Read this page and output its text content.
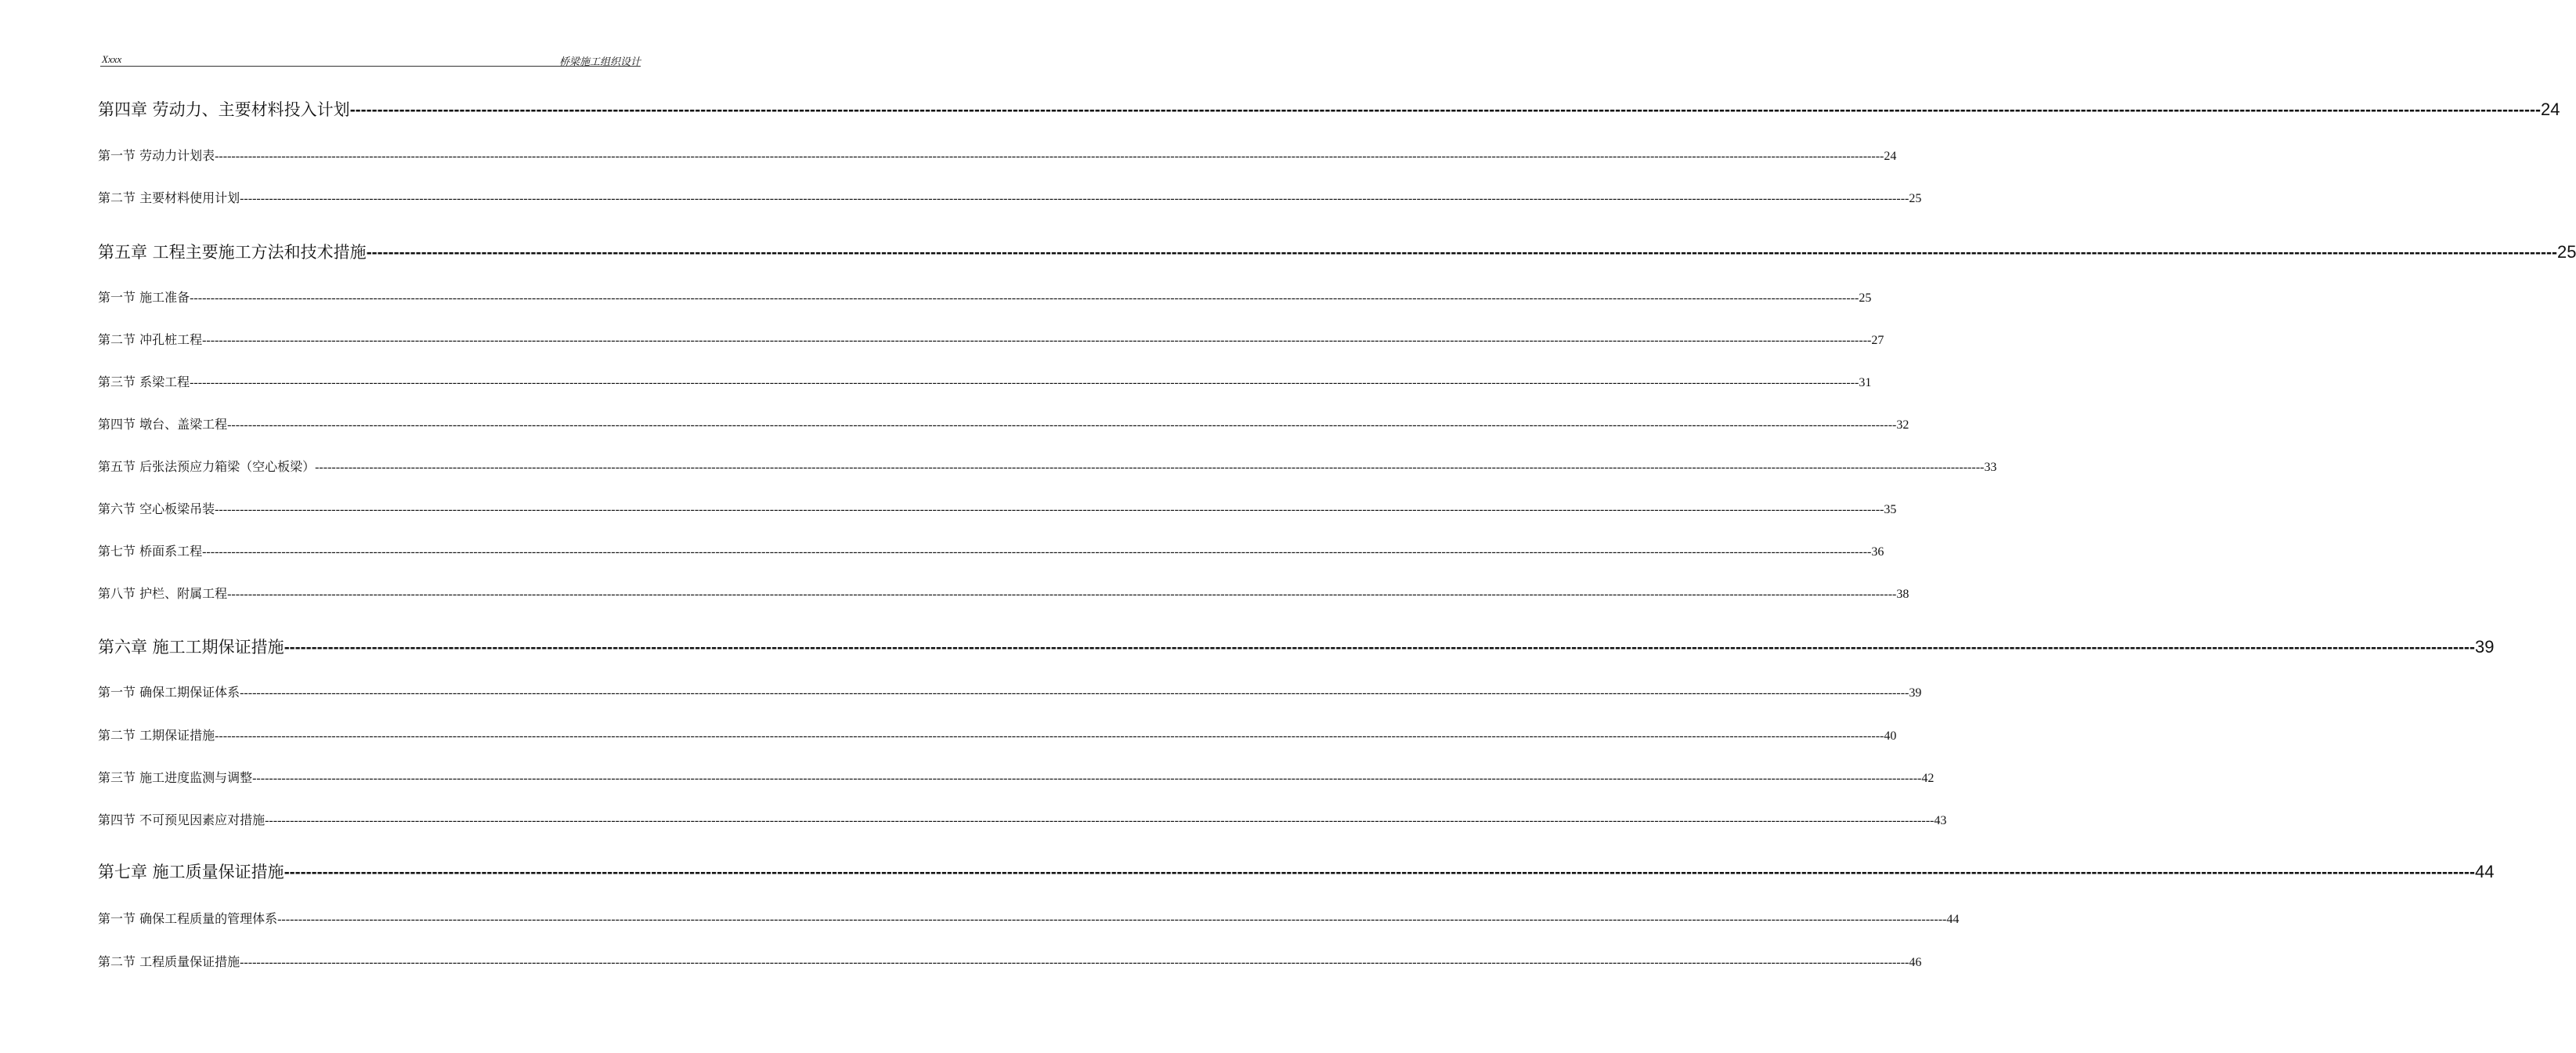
Xxxx	桥梁施工组织设计
第四章 劳动力、主要材料投入计划 ---------------------------------------------------------------------------------------------------------------------------------------------------------------------------------------------------------------------------------------------------------------------------------------------------------------------------------------------------------------------------------------------------------------- 24
第一节 劳动力计划表 ---------------------------------------------------------------------------------------------------------------------------------------------------------------------------------------------------------------------------------------------------------------------------------------------------------------------------------------------------------------------------------------------------------------- 24
第二节 主要材料使用计划 ---------------------------------------------------------------------------------------------------------------------------------------------------------------------------------------------------------------------------------------------------------------------------------------------------------------------------------------------------------------------------------------------------------------- 25
第五章 工程主要施工方法和技术措施 ---------------------------------------------------------------------------------------------------------------------------------------------------------------------------------------------------------------------------------------------------------------------------------------------------------------------------------------------------------------------------------------------------------------- 25
第一节 施工准备 ---------------------------------------------------------------------------------------------------------------------------------------------------------------------------------------------------------------------------------------------------------------------------------------------------------------------------------------------------------------------------------------------------------------- 25
第二节 冲孔桩工程 ---------------------------------------------------------------------------------------------------------------------------------------------------------------------------------------------------------------------------------------------------------------------------------------------------------------------------------------------------------------------------------------------------------------- 27
第三节 系梁工程 ---------------------------------------------------------------------------------------------------------------------------------------------------------------------------------------------------------------------------------------------------------------------------------------------------------------------------------------------------------------------------------------------------------------- 31
第四节 墩台、盖梁工程 ---------------------------------------------------------------------------------------------------------------------------------------------------------------------------------------------------------------------------------------------------------------------------------------------------------------------------------------------------------------------------------------------------------------- 32
第五节 后张法预应力箱梁（空心板梁） ---------------------------------------------------------------------------------------------------------------------------------------------------------------------------------------------------------------------------------------------------------------------------------------------------------------------------------------------------------------------------------------------------------------- 33
第六节 空心板梁吊装 ---------------------------------------------------------------------------------------------------------------------------------------------------------------------------------------------------------------------------------------------------------------------------------------------------------------------------------------------------------------------------------------------------------------- 35
第七节 桥面系工程 ---------------------------------------------------------------------------------------------------------------------------------------------------------------------------------------------------------------------------------------------------------------------------------------------------------------------------------------------------------------------------------------------------------------- 36
第八节 护栏、附属工程 ---------------------------------------------------------------------------------------------------------------------------------------------------------------------------------------------------------------------------------------------------------------------------------------------------------------------------------------------------------------------------------------------------------------- 38
第六章 施工工期保证措施 ---------------------------------------------------------------------------------------------------------------------------------------------------------------------------------------------------------------------------------------------------------------------------------------------------------------------------------------------------------------------------------------------------------------- 39
第一节 确保工期保证体系 ---------------------------------------------------------------------------------------------------------------------------------------------------------------------------------------------------------------------------------------------------------------------------------------------------------------------------------------------------------------------------------------------------------------- 39
第二节 工期保证措施 ---------------------------------------------------------------------------------------------------------------------------------------------------------------------------------------------------------------------------------------------------------------------------------------------------------------------------------------------------------------------------------------------------------------- 40
第三节 施工进度监测与调整 ---------------------------------------------------------------------------------------------------------------------------------------------------------------------------------------------------------------------------------------------------------------------------------------------------------------------------------------------------------------------------------------------------------------- 42
第四节 不可预见因素应对措施 ---------------------------------------------------------------------------------------------------------------------------------------------------------------------------------------------------------------------------------------------------------------------------------------------------------------------------------------------------------------------------------------------------------------- 43
第七章 施工质量保证措施 ---------------------------------------------------------------------------------------------------------------------------------------------------------------------------------------------------------------------------------------------------------------------------------------------------------------------------------------------------------------------------------------------------------------- 44
第一节 确保工程质量的管理体系 ---------------------------------------------------------------------------------------------------------------------------------------------------------------------------------------------------------------------------------------------------------------------------------------------------------------------------------------------------------------------------------------------------------------- 44
第二节 工程质量保证措施 ---------------------------------------------------------------------------------------------------------------------------------------------------------------------------------------------------------------------------------------------------------------------------------------------------------------------------------------------------------------------------------------------------------------- 46
